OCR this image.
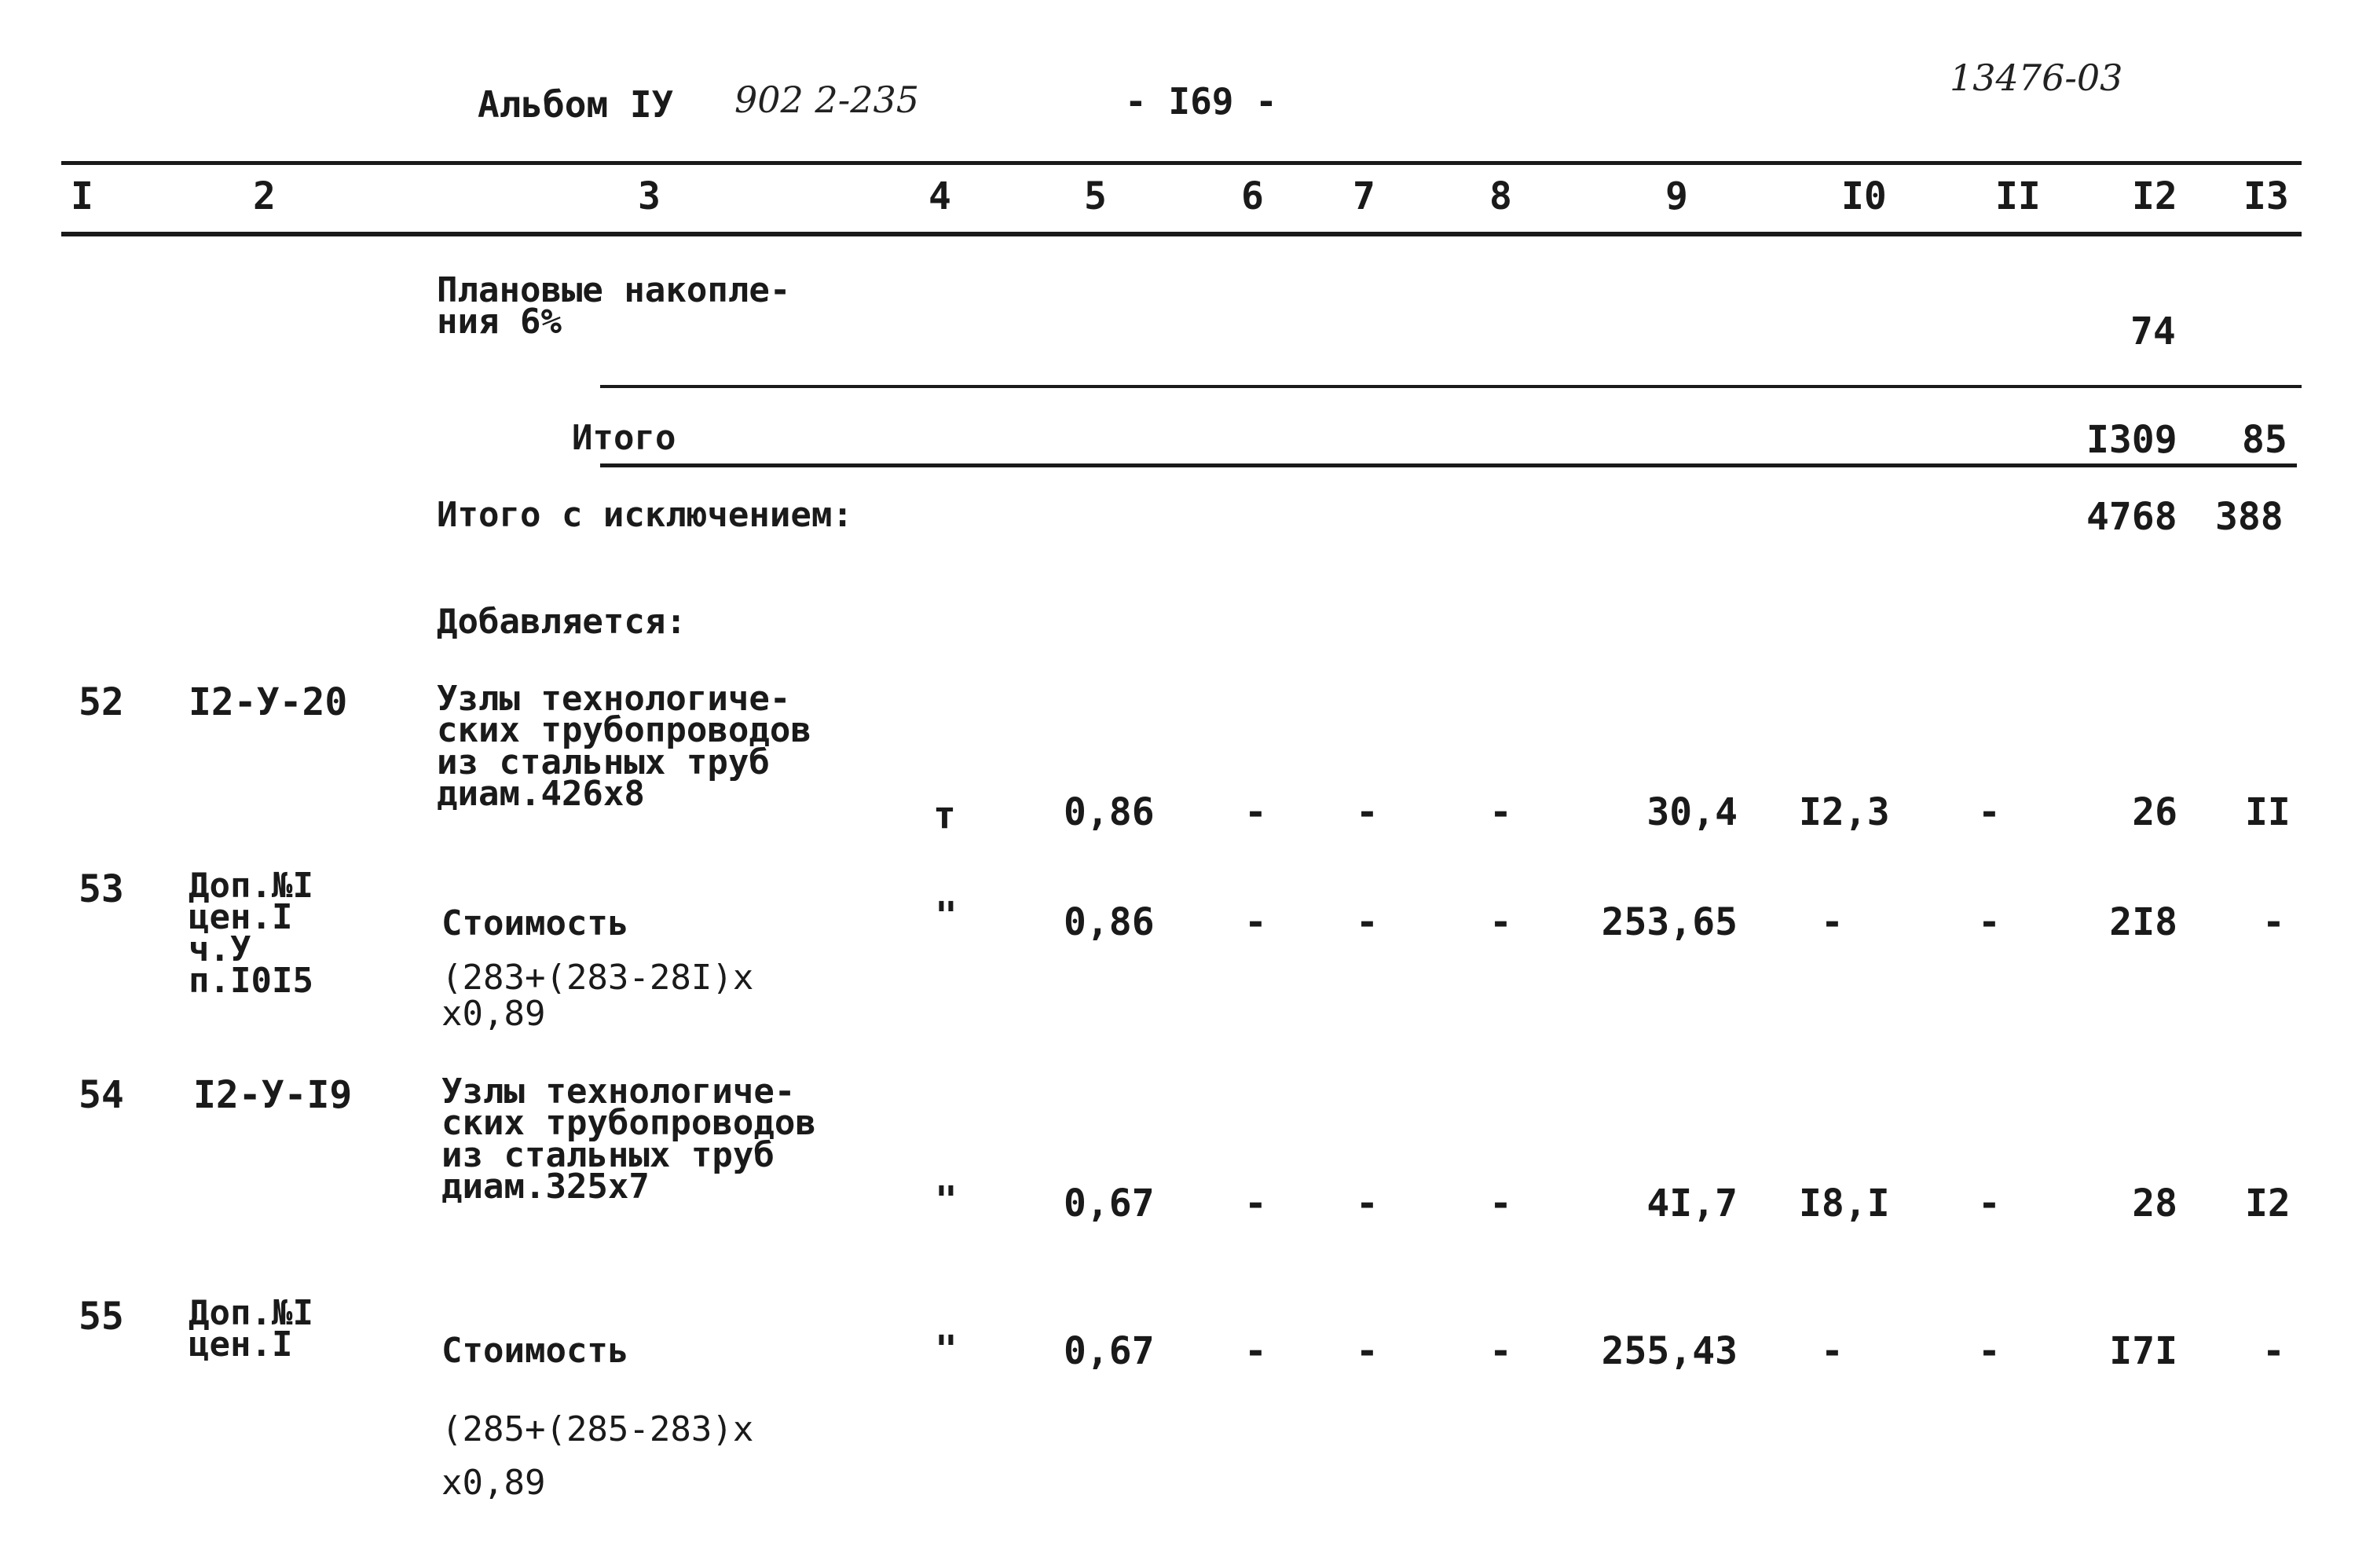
Альбом IУ 902 2-235	- I69 -
13476-03
I	2	3	4	5	6 7	8	9	I0	II I2 I3
Плановые накопле-
ния 6%	74
Итого	I309 85
Итого с исключением:	4768 388
Добавляется:
52 I2-У-20	Узлы технологиче-
ских трубопроводов
из стальных труб
диам.426x8	т	0,86 - -	-	30,4 I2,3 -	26 II
53 Доп.№I
цен.I
ч.У
п.I0I5
Стоимость
(283+(283-28I)x
x0,89
"	0,86 - -	-	253,65 -	-	2I8 -
54 I2-У-I9	Узлы технологиче-
ских трубопроводов
из стальных труб
диам.325x7	"	0,67 - -	-	4I,7 I8,I -	28 I2
55 Доп.№I
цен.I	Стоимость
(285+(285-283)x
x0,89
"	0,67 - -	-	255,43 -	-	I7I -
